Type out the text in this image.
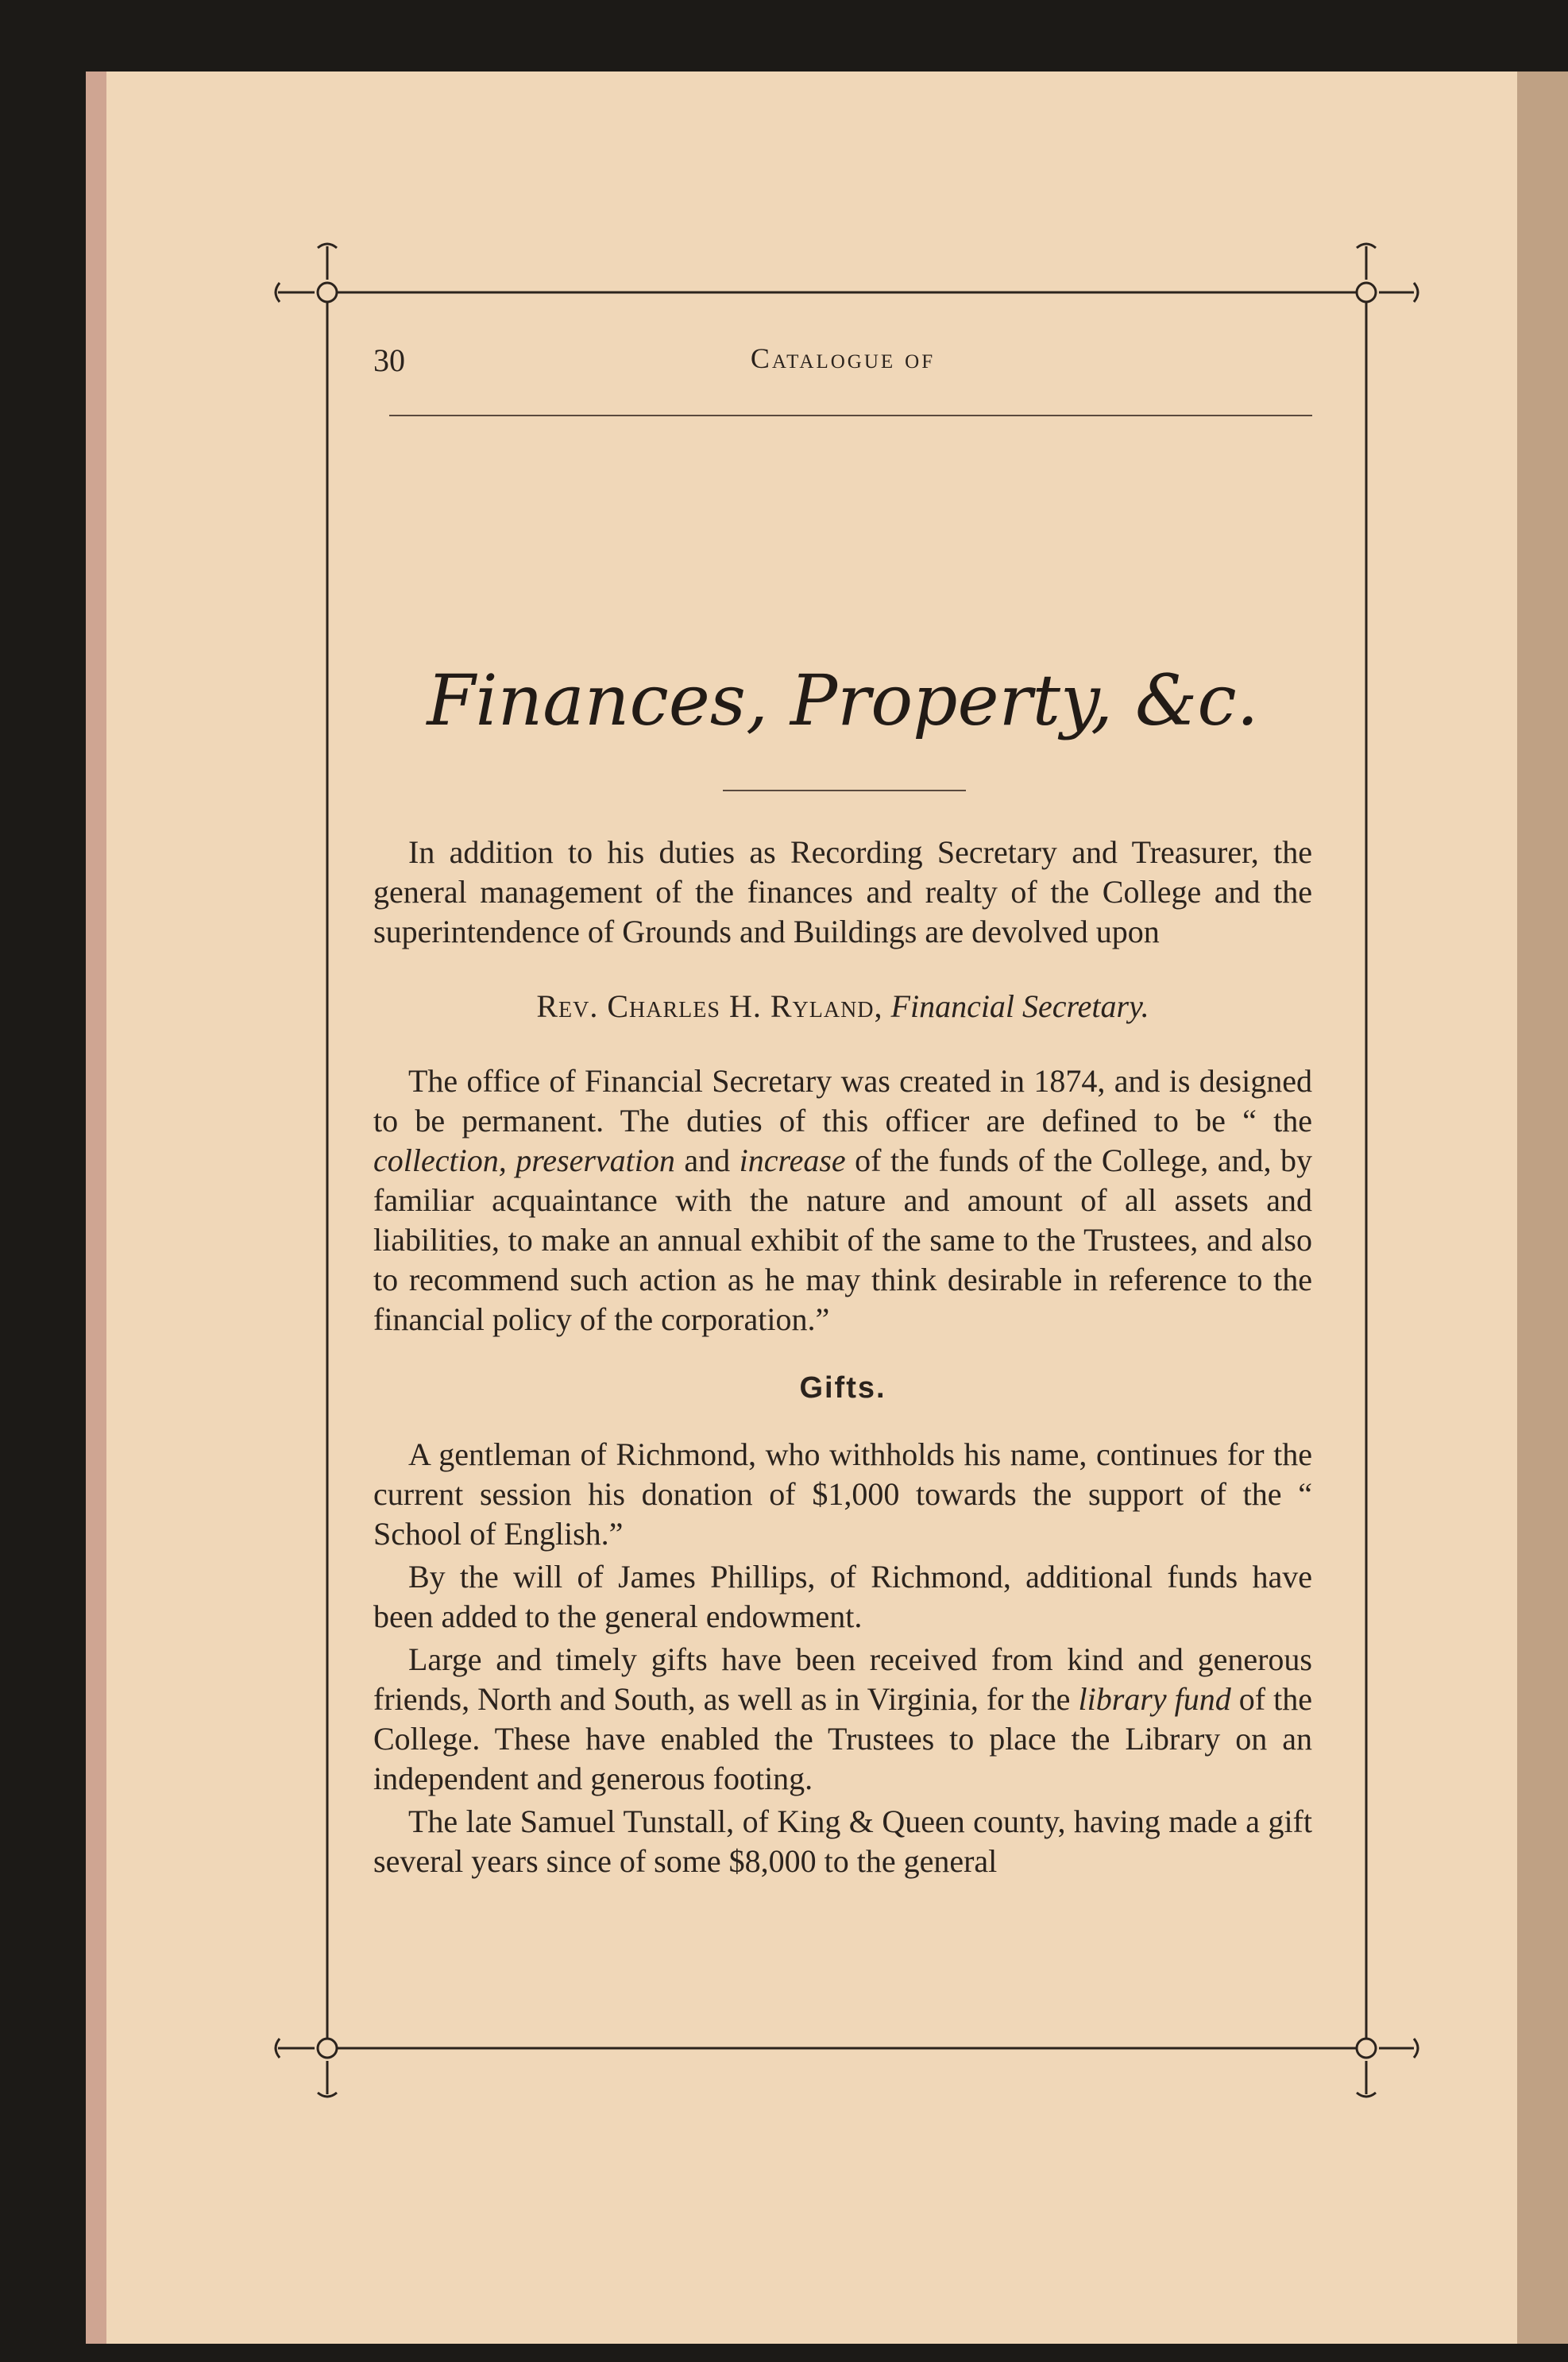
30	Catalogue of
Finances, Property, &c.

In addition to his duties as Recording Secretary and Treasurer, the general management of the finances and realty of the College and the superintendence of Grounds and Buildings are devolved upon

Rev. Charles H. Ryland, Financial Secretary.

The office of Financial Secretary was created in 1874, and is designed to be permanent. The duties of this officer are defined to be “ the collection, preservation and increase of the funds of the College, and, by familiar acquaintance with the nature and amount of all assets and liabilities, to make an annual exhibit of the same to the Trustees, and also to recommend such action as he may think desirable in reference to the financial policy of the corporation.”

Gifts.

A gentleman of Richmond, who withholds his name, continues for the current session his donation of $1,000 towards the support of the “ School of English.”

By the will of James Phillips, of Richmond, additional funds have been added to the general endowment.

Large and timely gifts have been received from kind and generous friends, North and South, as well as in Virginia, for the library fund of the College. These have enabled the Trustees to place the Library on an independent and generous footing.

The late Samuel Tunstall, of King & Queen county, having made a gift several years since of some $8,000 to the general
